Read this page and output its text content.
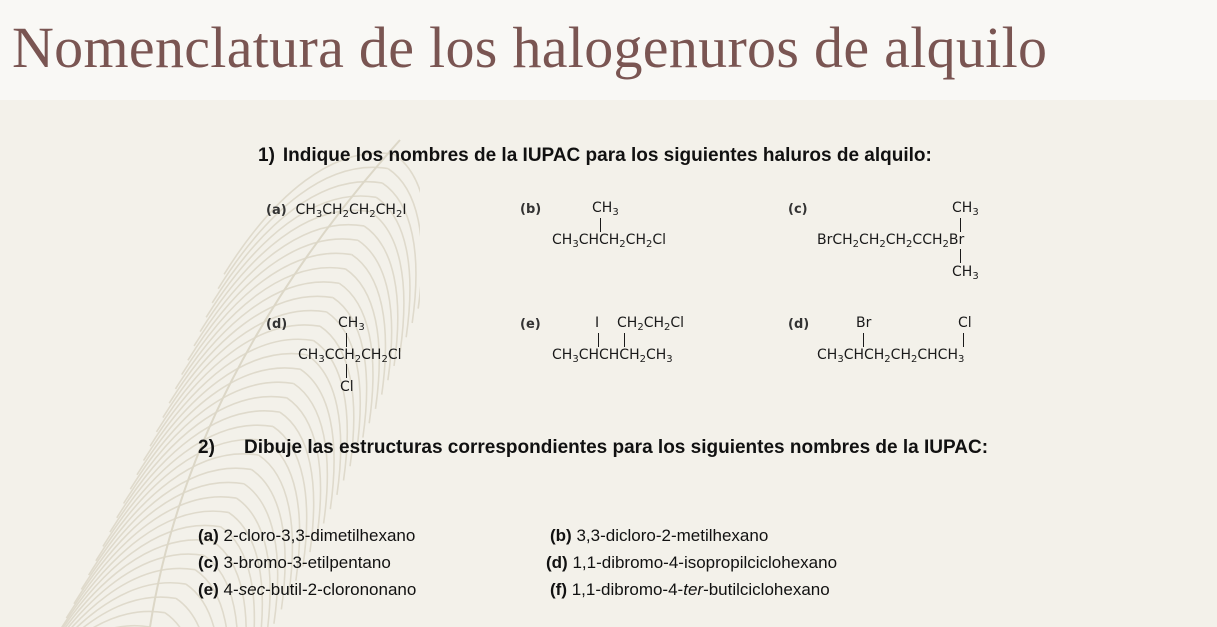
Nomenclatura de los halogenuros de alquilo
1) Indique los nombres de la IUPAC para los siguientes haluros de alquilo:
(a)  $CH_3CH_2CH_2CH_2I$	(b)	$CH_3$
$CH_3CHCH_2CH_2Cl$
(c)	$CH_3$
$BrCH_2CH_2CH_2CCH_2Br$
$CH_3$
(d)	$CH_3$
$CH_3CCH_2CH_2Cl$
Cl
(e)	I $CH_2CH_2Cl$
$CH_3CHCHCH_2CH_3$
(d)	Br	Cl
$CH_3CHCH_2CH_2CHCH_3$
2) Dibuje las estructuras correspondientes para los siguientes nombres de la IUPAC:
(a) 2-cloro-3,3-dimetilhexano	(b) 3,3-dicloro-2-metilhexano
(c) 3-bromo-3-etilpentano	(d) 1,1-dibromo-4-isopropilciclohexano
(e) 4-sec-butil-2-clorononano	(f) 1,1-dibromo-4-ter-butilciclohexano
